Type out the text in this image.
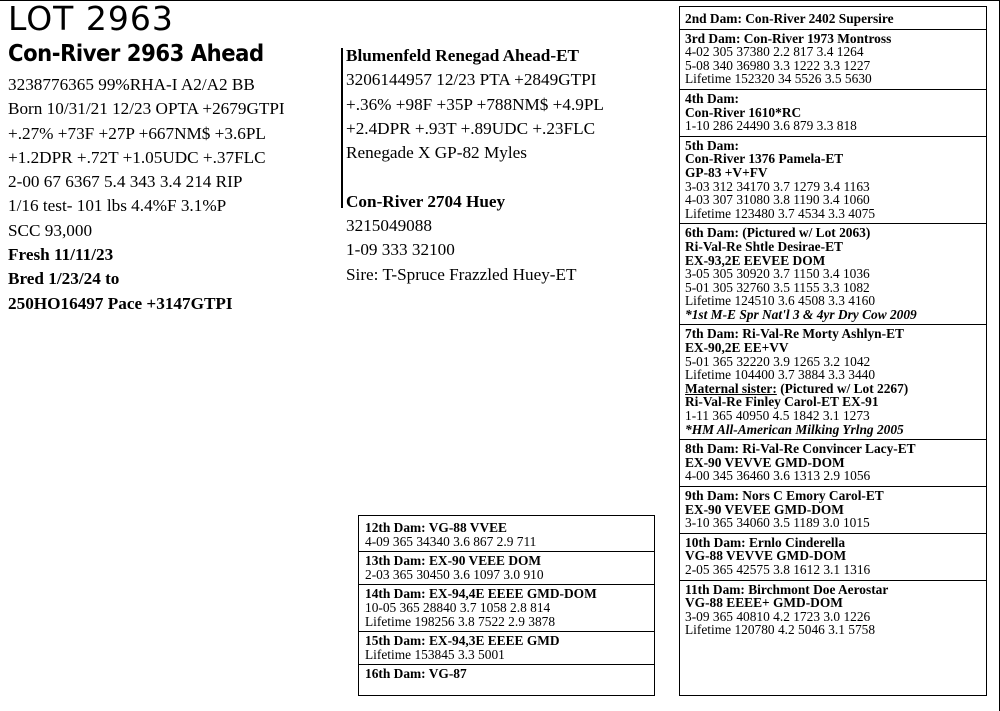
LOT 2963
Con-River 2963 Ahead
3238776365 99%RHA-I A2/A2 BB
Born 10/31/21 12/23 OPTA +2679GTPI
+.27% +73F +27P +667NM$ +3.6PL
+1.2DPR +.72T +1.05UDC +.37FLC
2-00 67 6367 5.4 343 3.4 214 RIP
1/16 test- 101 lbs 4.4%F 3.1%P
SCC 93,000
Fresh 11/11/23
Bred 1/23/24 to
250HO16497 Pace +3147GTPI
Blumenfeld Renegad Ahead-ET
3206144957 12/23 PTA +2849GTPI
+.36% +98F +35P +788NM$ +4.9PL
+2.4DPR +.93T +.89UDC +.23FLC
Renegade X GP-82 Myles
Con-River 2704 Huey
3215049088
1-09 333 32100
Sire: T-Spruce Frazzled Huey-ET
2nd Dam: Con-River 2402 Supersire
3rd Dam: Con-River 1973 Montross
4-02 305 37380 2.2 817 3.4 1264
5-08 340 36980 3.3 1222 3.3 1227
Lifetime 152320 34 5526 3.5 5630
4th Dam:
Con-River 1610*RC
1-10 286 24490 3.6 879 3.3 818
5th Dam:
Con-River 1376 Pamela-ET
GP-83 +V+FV
3-03 312 34170 3.7 1279 3.4 1163
4-03 307 31080 3.8 1190 3.4 1060
Lifetime 123480 3.7 4534 3.3 4075
6th Dam: (Pictured w/ Lot 2063)
Ri-Val-Re Shtle Desirae-ET
EX-93,2E EEVEE DOM
3-05 305 30920 3.7 1150 3.4 1036
5-01 305 32760 3.5 1155 3.3 1082
Lifetime 124510 3.6 4508 3.3 4160
*1st M-E Spr Nat'l 3 & 4yr Dry Cow 2009
7th Dam: Ri-Val-Re Morty Ashlyn-ET
EX-90,2E EE+VV
5-01 365 32220 3.9 1265 3.2 1042
Lifetime 104400 3.7 3884 3.3 3440
Maternal sister: (Pictured w/ Lot 2267)
Ri-Val-Re Finley Carol-ET EX-91
1-11 365 40950 4.5 1842 3.1 1273
*HM All-American Milking Yrlng 2005
8th Dam: Ri-Val-Re Convincer Lacy-ET
EX-90 VEVVE GMD-DOM
4-00 345 36460 3.6 1313 2.9 1056
9th Dam: Nors C Emory Carol-ET
EX-90 VEVEE GMD-DOM
3-10 365 34060 3.5 1189 3.0 1015
10th Dam: Ernlo Cinderella
VG-88 VEVVE GMD-DOM
2-05 365 42575 3.8 1612 3.1 1316
11th Dam: Birchmont Doe Aerostar
VG-88 EEEE+ GMD-DOM
3-09 365 40810 4.2 1723 3.0 1226
Lifetime 120780 4.2 5046 3.1 5758
12th Dam: VG-88 VVEE
4-09 365 34340 3.6 867 2.9 711
13th Dam: EX-90 VEEE DOM
2-03 365 30450 3.6 1097 3.0 910
14th Dam: EX-94,4E EEEE GMD-DOM
10-05 365 28840 3.7 1058 2.8 814
Lifetime 198256 3.8 7522 2.9 3878
15th Dam: EX-94,3E EEEE GMD
Lifetime 153845 3.3 5001
16th Dam: VG-87
